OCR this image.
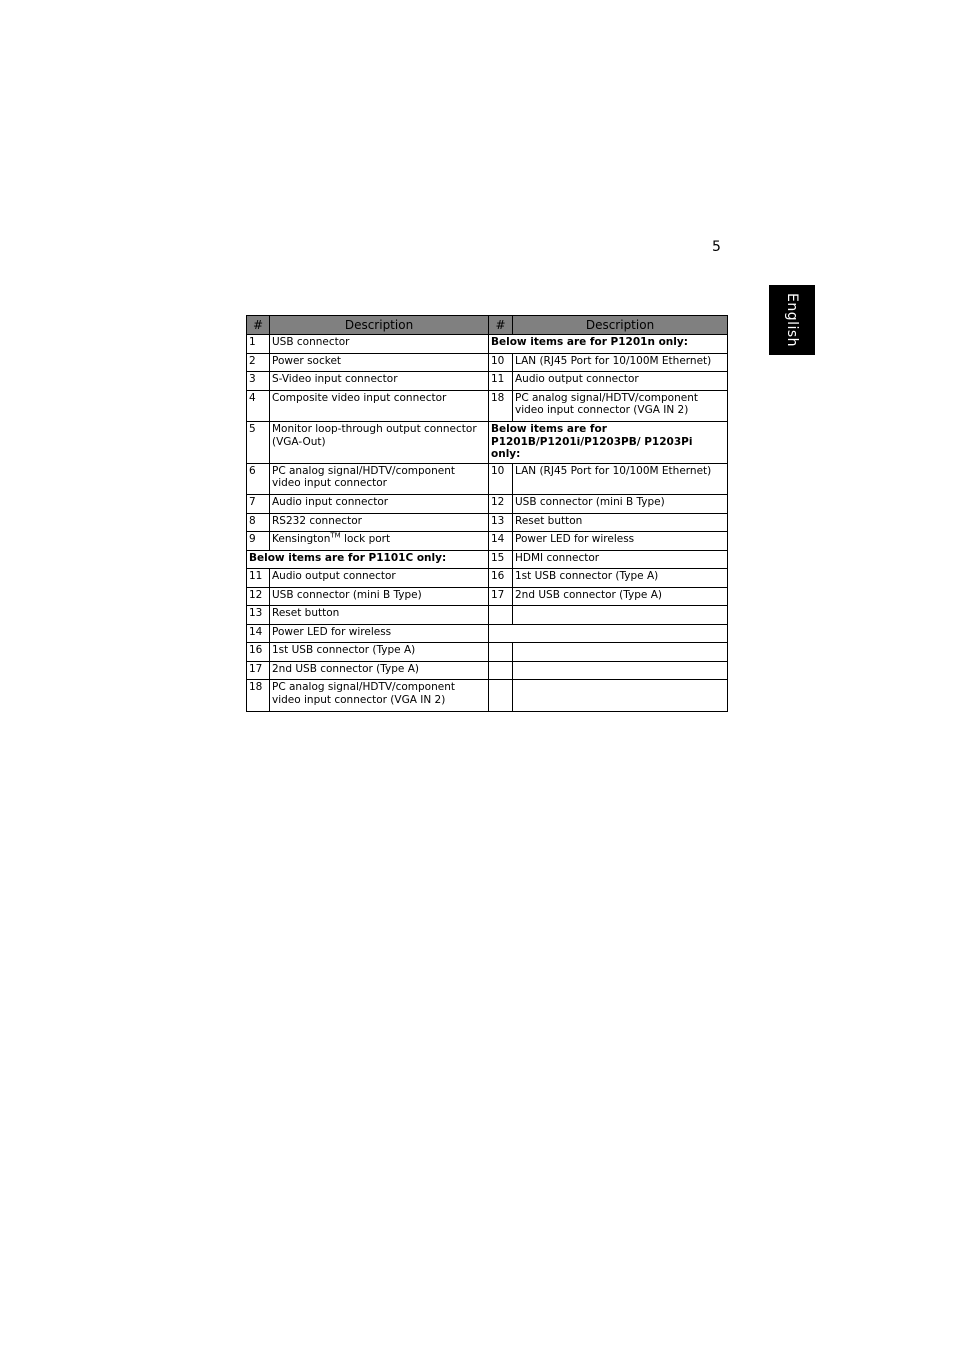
5
English
#	Description	#	Description
1	USB connector	Below items are for P1201n only:	
2	Power socket	10	LAN (RJ45 Port for 10/100M Ethernet)
3	S-Video input connector	11	Audio output connector
4	Composite video input connector	18	PC analog signal/HDTV/component video input connector (VGA IN 2)
5	Monitor loop-through output connector (VGA-Out)	Below items are for P1201B/P1201i/P1203PB/ P1203Pi only:	
6	PC analog signal/HDTV/component video input connector	10	LAN (RJ45 Port for 10/100M Ethernet)
7	Audio input connector	12	USB connector (mini B Type)
8	RS232 connector	13	Reset button
9	Kensington™ lock port	14	Power LED for wireless
Below items are for P1101C only:		15	HDMI connector
11	Audio output connector	16	1st USB connector (Type A)
12	USB connector (mini B Type)	17	2nd USB connector (Type A)
13	Reset button		
14	Power LED for wireless		
16	1st USB connector (Type A)		
17	2nd USB connector (Type A)		
18	PC analog signal/HDTV/component video input connector (VGA IN 2)		
